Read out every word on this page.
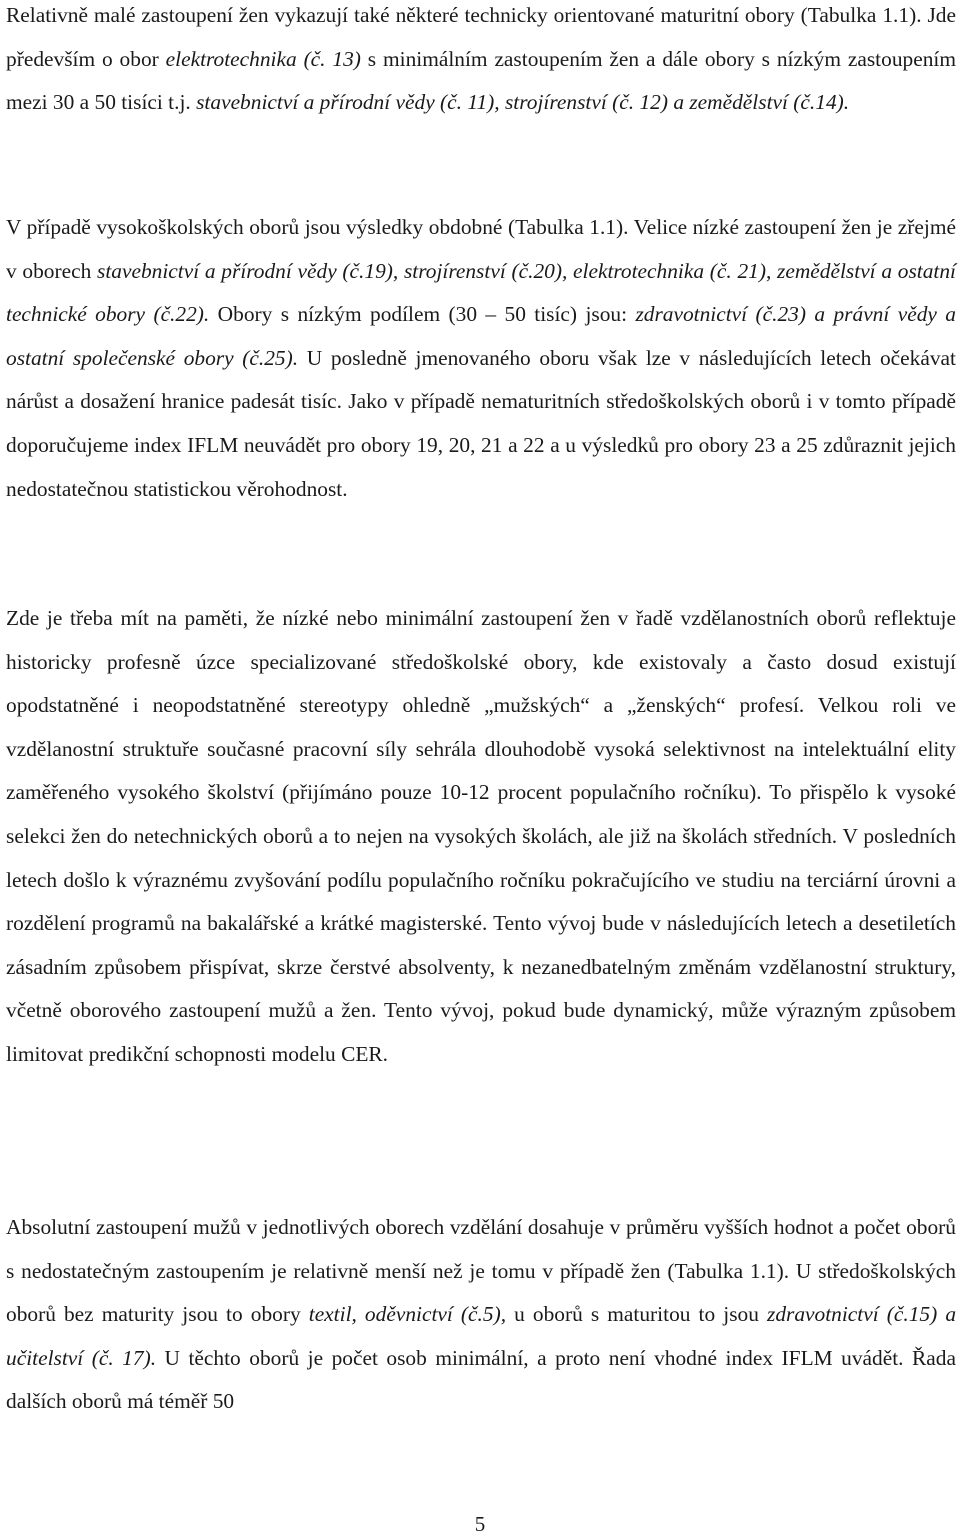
Relativně malé zastoupení žen vykazují také některé technicky orientované maturitní obory (Tabulka 1.1). Jde především o obor elektrotechnika (č. 13) s minimálním zastoupením žen a dále obory s nízkým zastoupením mezi 30 a 50 tisíci t.j. stavebnictví a přírodní vědy (č. 11), strojírenství (č. 12) a zemědělství (č.14).

V případě vysokoškolských oborů jsou výsledky obdobné (Tabulka 1.1). Velice nízké zastoupení žen je zřejmé v oborech stavebnictví a přírodní vědy (č.19), strojírenství (č.20), elektrotechnika (č. 21), zemědělství a ostatní technické obory (č.22). Obory s nízkým podílem (30 – 50 tisíc) jsou: zdravotnictví (č.23) a právní vědy a ostatní společenské obory (č.25). U posledně jmenovaného oboru však lze v následujících letech očekávat nárůst a dosažení hranice padesát tisíc. Jako v případě nematuritních středoškolských oborů i v tomto případě doporučujeme index IFLM neuvádět pro obory 19, 20, 21 a 22 a u výsledků pro obory 23 a 25 zdůraznit jejich nedostatečnou statistickou věrohodnost.

Zde je třeba mít na paměti, že nízké nebo minimální zastoupení žen v řadě vzdělanostních oborů reflektuje historicky profesně úzce specializované středoškolské obory, kde existovaly a často dosud existují opodstatněné i neopodstatněné stereotypy ohledně „mužských“ a „ženských“ profesí. Velkou roli ve vzdělanostní struktuře současné pracovní síly sehrála dlouhodobě vysoká selektivnost na intelektuální elity zaměřeného vysokého školství (přijímáno pouze 10-12 procent populačního ročníku). To přispělo k vysoké selekci žen do netechnických oborů a to nejen na vysokých školách, ale již na školách středních. V posledních letech došlo k výraznému zvyšování podílu populačního ročníku pokračujícího ve studiu na terciární úrovni a rozdělení programů na bakalářské a krátké magisterské. Tento vývoj bude v následujících letech a desetiletích zásadním způsobem přispívat, skrze čerstvé absolventy, k nezanedbatelným změnám vzdělanostní struktury, včetně oborového zastoupení mužů a žen. Tento vývoj, pokud bude dynamický, může výrazným způsobem limitovat predikční schopnosti modelu CER.

Absolutní zastoupení mužů v jednotlivých oborech vzdělání dosahuje v průměru vyšších hodnot a počet oborů s nedostatečným zastoupením je relativně menší než je tomu v případě žen (Tabulka 1.1). U středoškolských oborů bez maturity jsou to obory textil, oděvnictví (č.5), u oborů s maturitou to jsou zdravotnictví (č.15) a učitelství (č. 17). U těchto oborů je počet osob minimální, a proto není vhodné index IFLM uvádět. Řada dalších oborů má téměř 50

5
